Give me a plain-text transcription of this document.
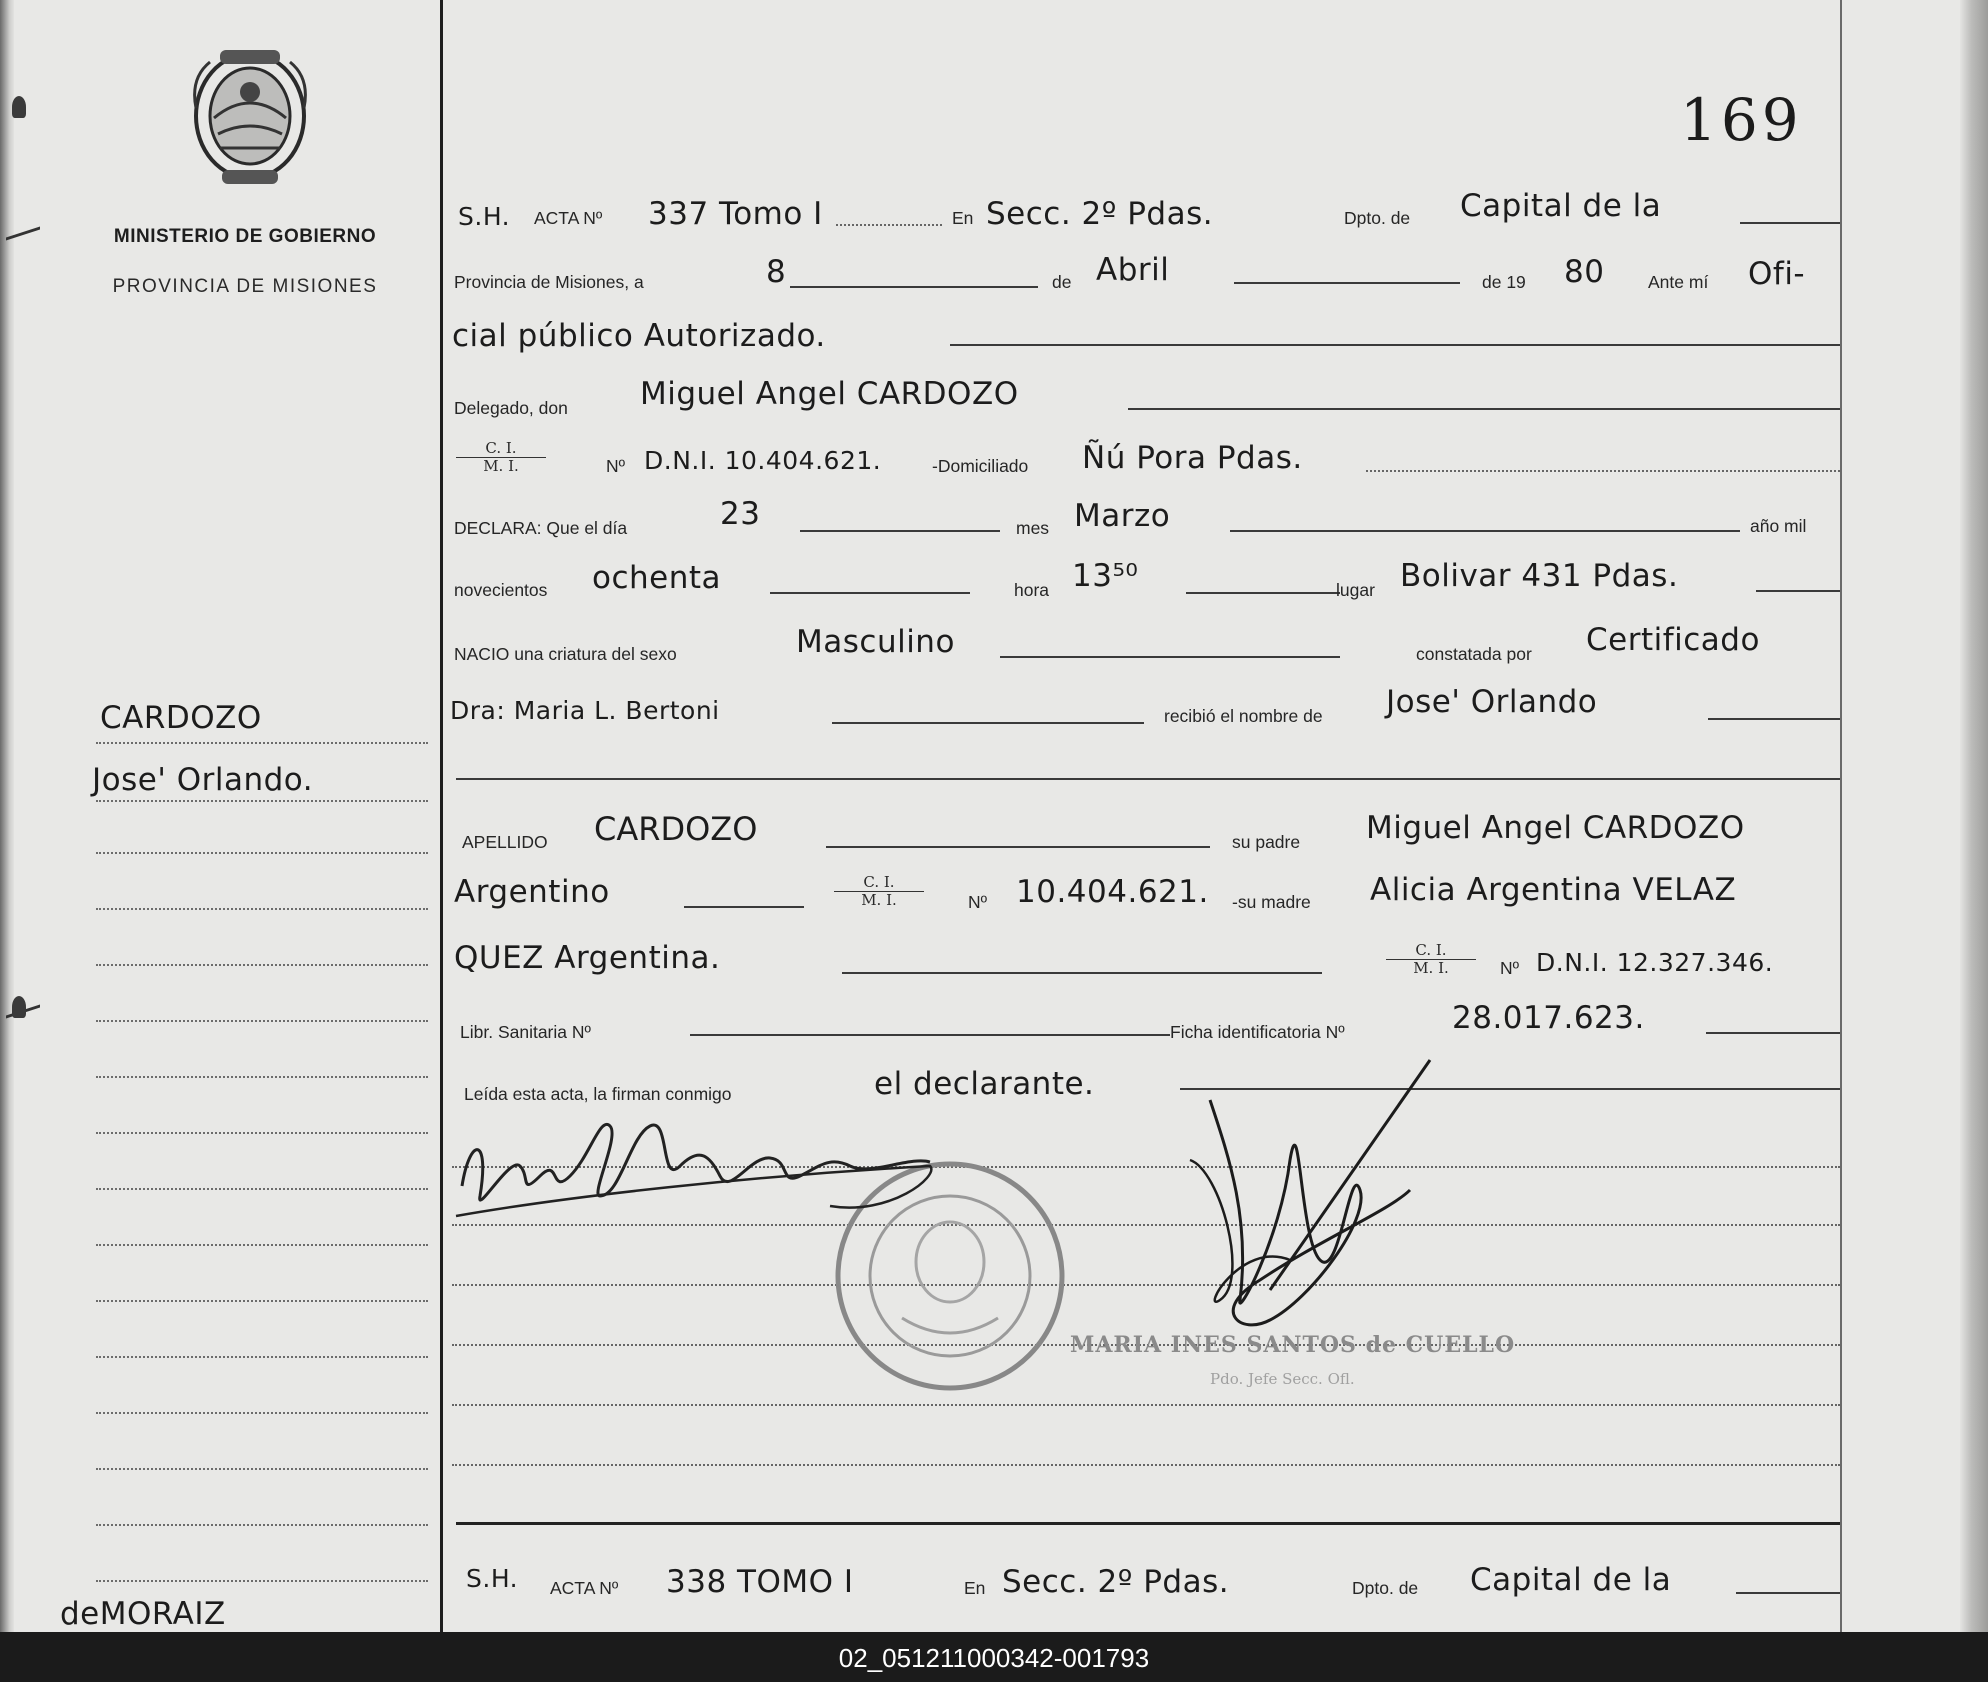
MINISTERIO DE GOBIERNO
PROVINCIA DE MISIONES
169
S.H. ACTA Nº 337 Tomo I	En Secc. 2º Pdas.	Dpto. de Capital de la
Provincia de Misiones, a	8	de Abril	de 19 80 Ante mí Ofi-
cial público Autorizado.
Delegado, don Miguel Angel CARDOZO
$\frac{C. I.}{M. I.}$	Nº D.N.I. 10.404.621.	-Domiciliado Ñú Pora Pdas.
DECLARA: Que el día	23	mes Marzo	año mil
novecientos ochenta	hora 13⁵⁰	lugar Bolivar 431 Pdas.
NACIO una criatura del sexo	Masculino	constatada por Certificado
Dra: Maria L. Bertoni	recibió el nombre de Jose' Orlando
APELLIDO CARDOZO	su padre Miguel Angel CARDOZO
Argentino	$\frac{C. I.}{M. I.}$	Nº 10.404.621. -su madre Alicia Argentina VELAZ
QUEZ Argentina.	$\frac{C. I.}{M. I.}$ Nº D.N.I. 12.327.346.
Libr. Sanitaria Nº	Ficha identificatoria Nº	28.017.623.
Leída esta acta, la firman conmigo	el declarante.
MARIA INES SANTOS de CUELLO
Pdo. Jefe Secc. Ofl.
S.H. ACTA Nº 338 TOMO I	En Secc. 2º Pdas.	Dpto. de Capital de la
CARDOZO
Jose' Orlando.
deMORAIZ
02_051211000342-001793
